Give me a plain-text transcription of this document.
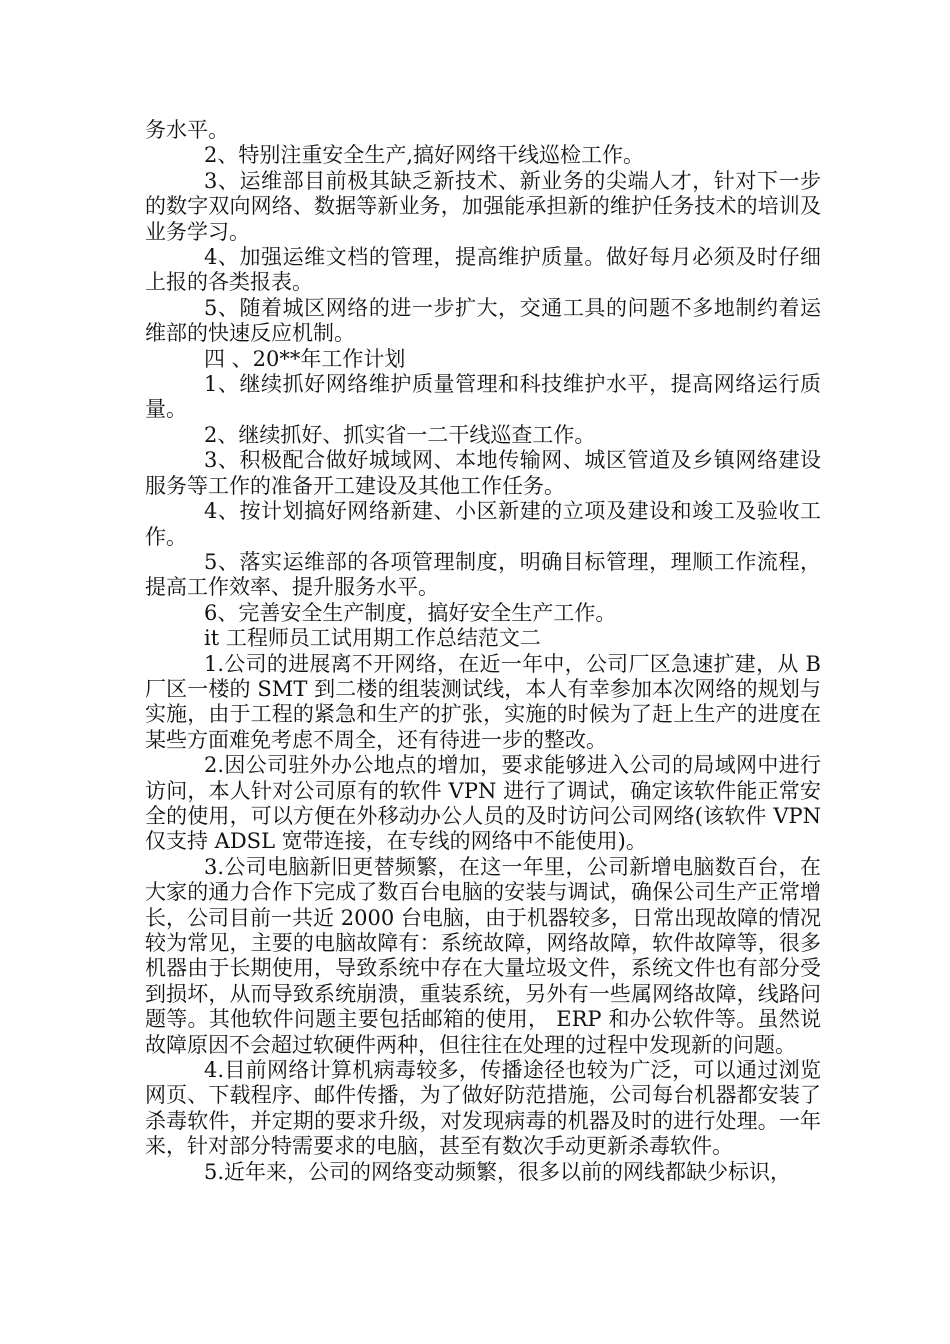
务水平。

2、特别注重安全生产,搞好网络干线巡检工作。

3、运维部目前极其缺乏新技术、新业务的尖端人才，针对下一步的数字双向网络、数据等新业务，加强能承担新的维护任务技术的培训及业务学习。

4、加强运维文档的管理，提高维护质量。做好每月必须及时仔细上报的各类报表。

5、随着城区网络的进一步扩大，交通工具的问题不多地制约着运维部的快速反应机制。

四 、20**年工作计划

1、继续抓好网络维护质量管理和科技维护水平，提高网络运行质量。

2、继续抓好、抓实省一二干线巡查工作。

3、积极配合做好城域网、本地传输网、城区管道及乡镇网络建设服务等工作的准备开工建设及其他工作任务。

4、按计划搞好网络新建、小区新建的立项及建设和竣工及验收工作。

5、落实运维部的各项管理制度，明确目标管理，理顺工作流程，提高工作效率、提升服务水平。

6、完善安全生产制度，搞好安全生产工作。

it 工程师员工试用期工作总结范文二

1.公司的进展离不开网络，在近一年中，公司厂区急速扩建，从 B 厂区一楼的 SMT 到二楼的组装测试线，本人有幸参加本次网络的规划与实施，由于工程的紧急和生产的扩张，实施的时候为了赶上生产的进度在某些方面难免考虑不周全，还有待进一步的整改。

2.因公司驻外办公地点的增加，要求能够进入公司的局域网中进行访问，本人针对公司原有的软件 VPN 进行了调试，确定该软件能正常安全的使用，可以方便在外移动办公人员的及时访问公司网络(该软件 VPN 仅支持 ADSL 宽带连接，在专线的网络中不能使用)。

3.公司电脑新旧更替频繁，在这一年里，公司新增电脑数百台，在大家的通力合作下完成了数百台电脑的安装与调试，确保公司生产正常增长，公司目前一共近 2000 台电脑，由于机器较多，日常出现故障的情况较为常见，主要的电脑故障有：系统故障，网络故障，软件故障等，很多机器由于长期使用，导致系统中存在大量垃圾文件，系统文件也有部分受到损坏，从而导致系统崩溃，重装系统，另外有一些属网络故障，线路问题等。其他软件问题主要包括邮箱的使用， ERP 和办公软件等。虽然说故障原因不会超过软硬件两种，但往往在处理的过程中发现新的问题。

4.目前网络计算机病毒较多，传播途径也较为广泛，可以通过浏览网页、下载程序、邮件传播，为了做好防范措施，公司每台机器都安装了杀毒软件，并定期的要求升级，对发现病毒的机器及时的进行处理。一年来，针对部分特需要求的电脑，甚至有数次手动更新杀毒软件。

5.近年来，公司的网络变动频繁，很多以前的网线都缺少标识，
